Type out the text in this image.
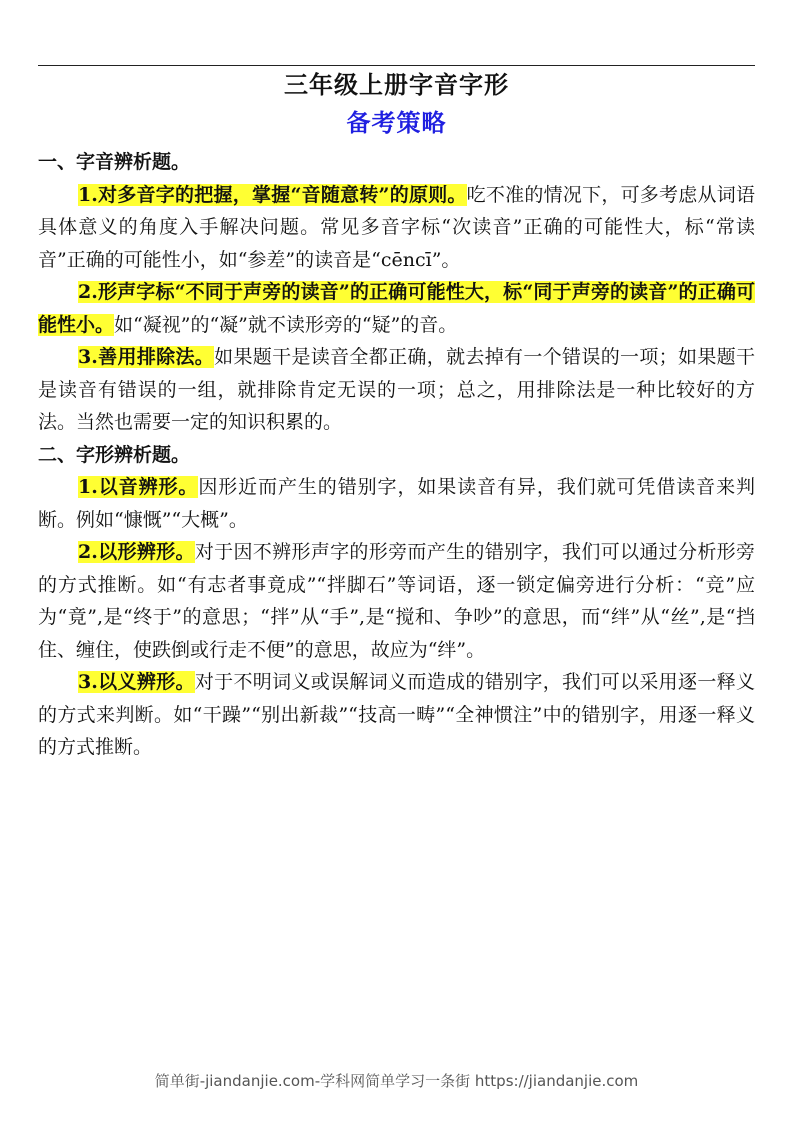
三年级上册字音字形
备考策略

一、字音辨析题。

1.对多音字的把握，掌握“音随意转”的原则。吃不准的情况下，可多考虑从词语具体意义的角度入手解决问题。常见多音字标“次读音”正确的可能性大，标“常读音”正确的可能性小，如“参差”的读音是“cēncī”。

2.形声字标“不同于声旁的读音”的正确可能性大，标“同于声旁的读音”的正确可能性小。如“凝视”的“凝”就不读形旁的“疑”的音。

3.善用排除法。如果题干是读音全都正确，就去掉有一个错误的一项；如果题干是读音有错误的一组，就排除肯定无误的一项；总之，用排除法是一种比较好的方法。当然也需要一定的知识积累的。

二、字形辨析题。

1.以音辨形。因形近而产生的错别字，如果读音有异，我们就可凭借读音来判断。例如“慷慨”“大概”。

2.以形辨形。对于因不辨形声字的形旁而产生的错别字，我们可以通过分析形旁的方式推断。如“有志者事竟成”“拌脚石”等词语，逐一锁定偏旁进行分析：“竞”应为“竟”,是“终于”的意思；“拌”从“手”,是“搅和、争吵”的意思，而“绊”从“丝”,是“挡住、缠住，使跌倒或行走不便”的意思，故应为“绊”。

3.以义辨形。对于不明词义或误解词义而造成的错别字，我们可以采用逐一释义的方式来判断。如“干躁”“别出新裁”“技高一畴”“全神惯注”中的错别字，用逐一释义的方式推断。

简单街-jiandanjie.com-学科网简单学习一条街 https://jiandanjie.com
